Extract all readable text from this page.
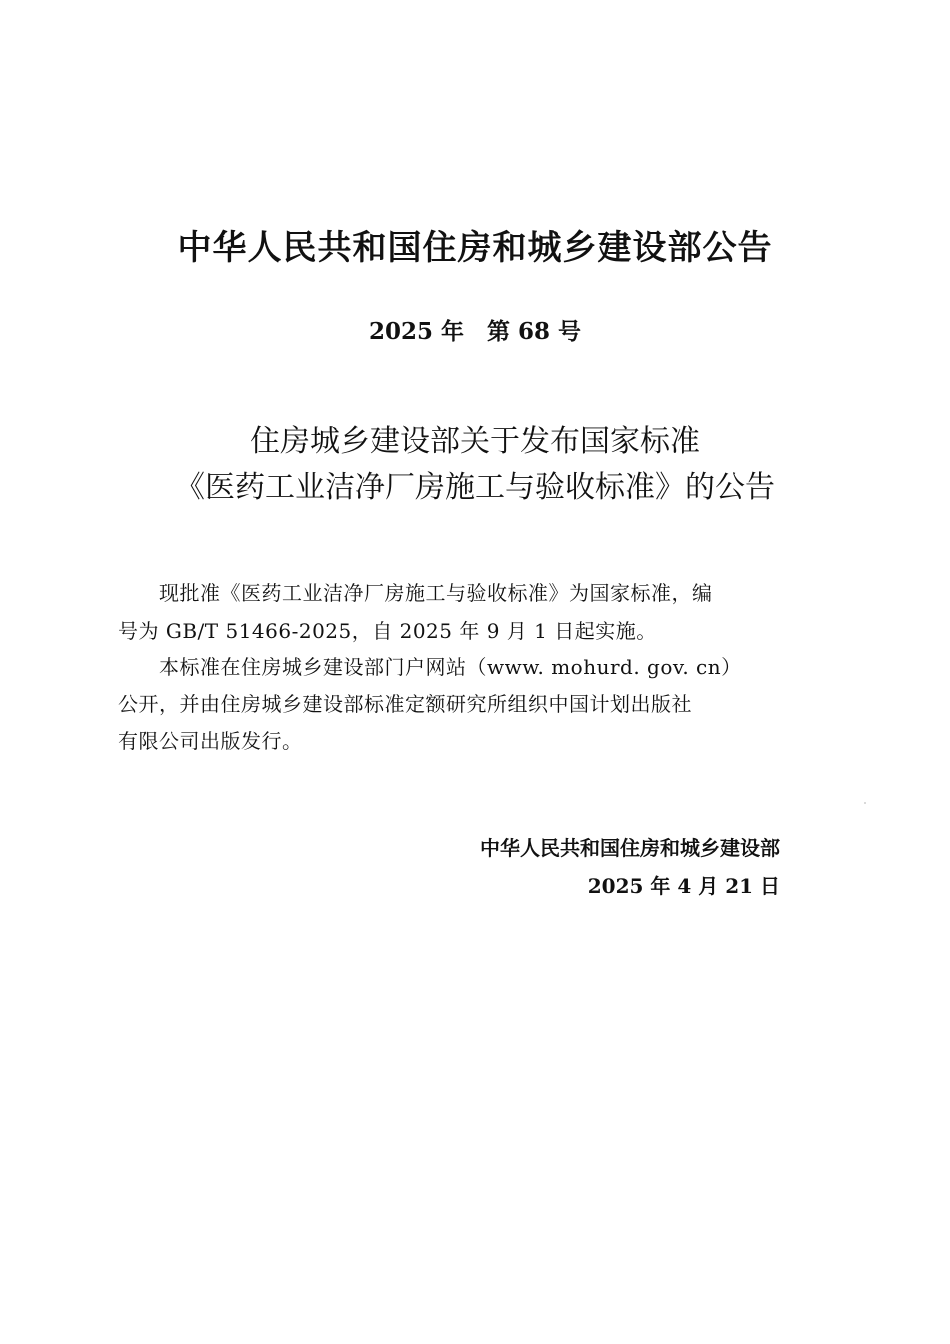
中华人民共和国住房和城乡建设部公告
2025 年　第 68 号
住房城乡建设部关于发布国家标准
《医药工业洁净厂房施工与验收标准》的公告
　　现批准《医药工业洁净厂房施工与验收标准》为国家标准，编
号为 GB/T 51466-2025，自 2025 年 9 月 1 日起实施。
　　本标准在住房城乡建设部门户网站（www. mohurd. gov. cn）
公开，并由住房城乡建设部标准定额研究所组织中国计划出版社
有限公司出版发行。
中华人民共和国住房和城乡建设部
2025 年 4 月 21 日
